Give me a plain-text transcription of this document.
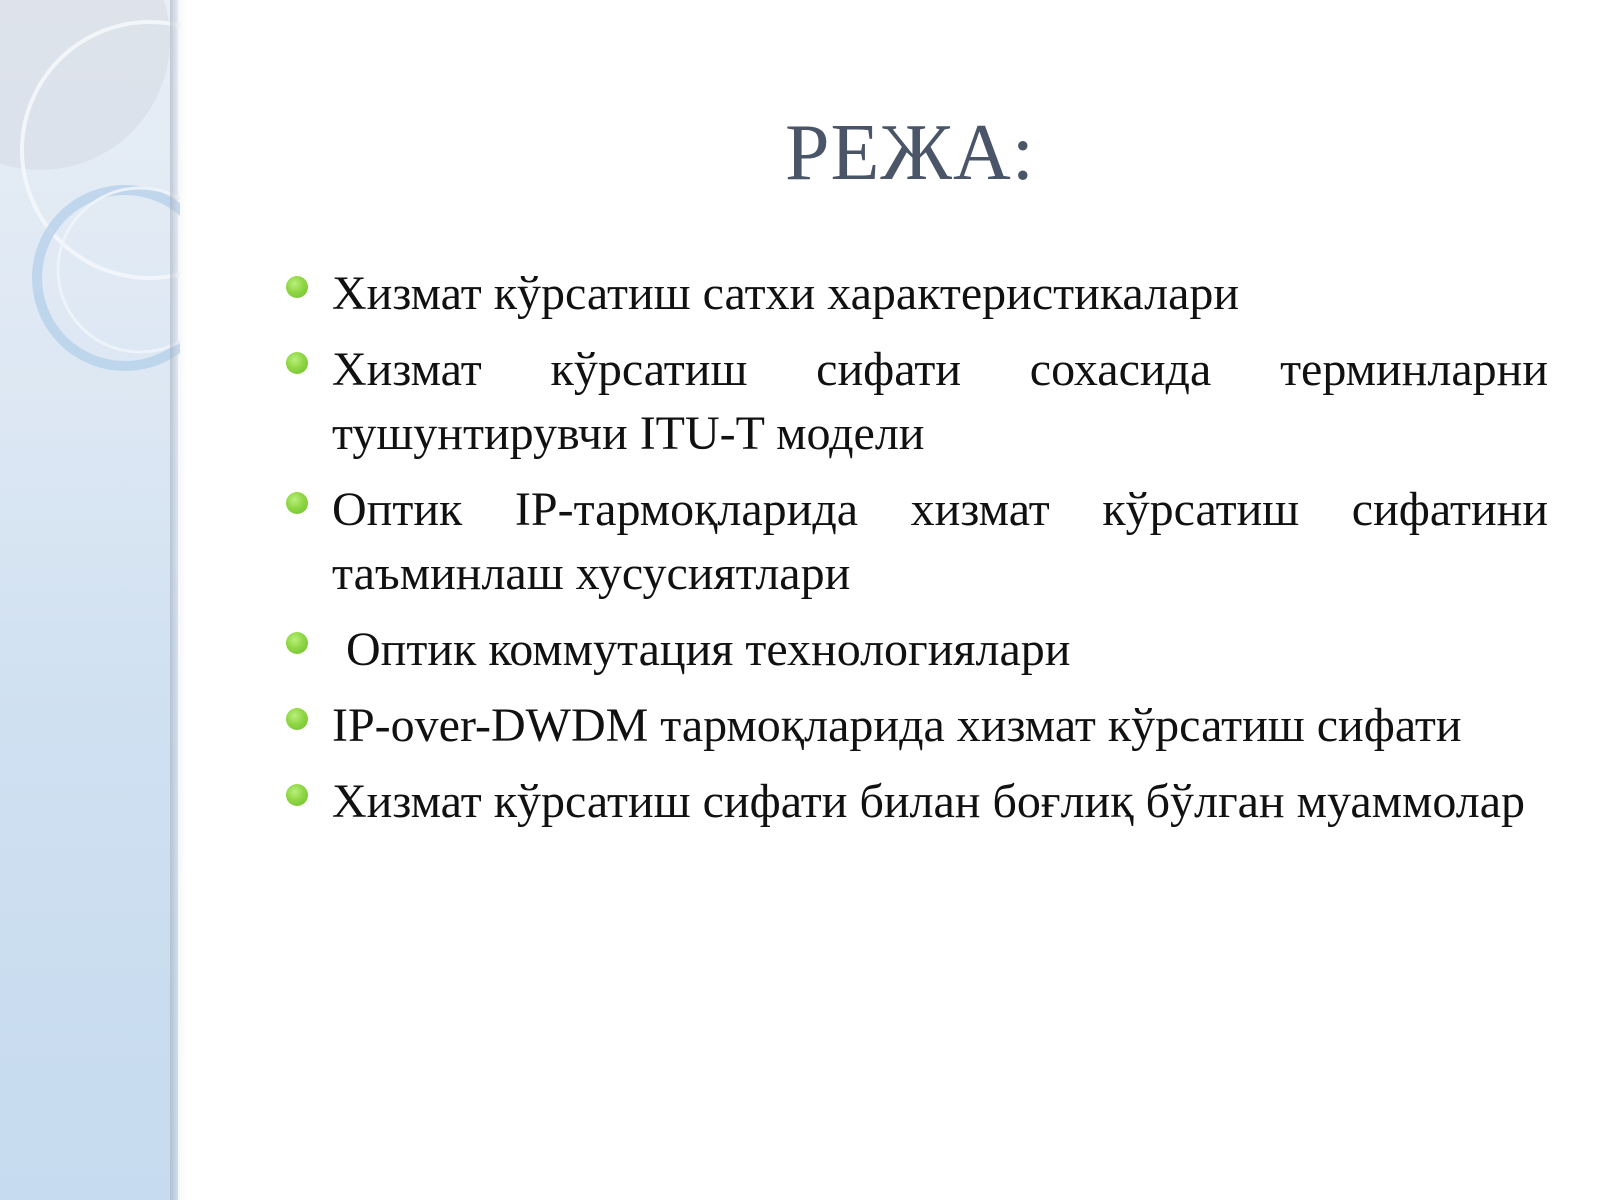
РЕЖА:
Хизмат кўрсатиш сатхи характеристикалари
Хизмат кўрсатиш сифати сохасида терминларни тушунтирувчи ITU-T модели
Оптик IP-тармоқларида хизмат кўрсатиш сифатини таъминлаш хусусиятлари
Оптик коммутация технологиялари
IP-over-DWDM тармоқларида хизмат кўрсатиш сифати
Хизмат кўрсатиш сифати билан боғлиқ бўлган муаммолар
